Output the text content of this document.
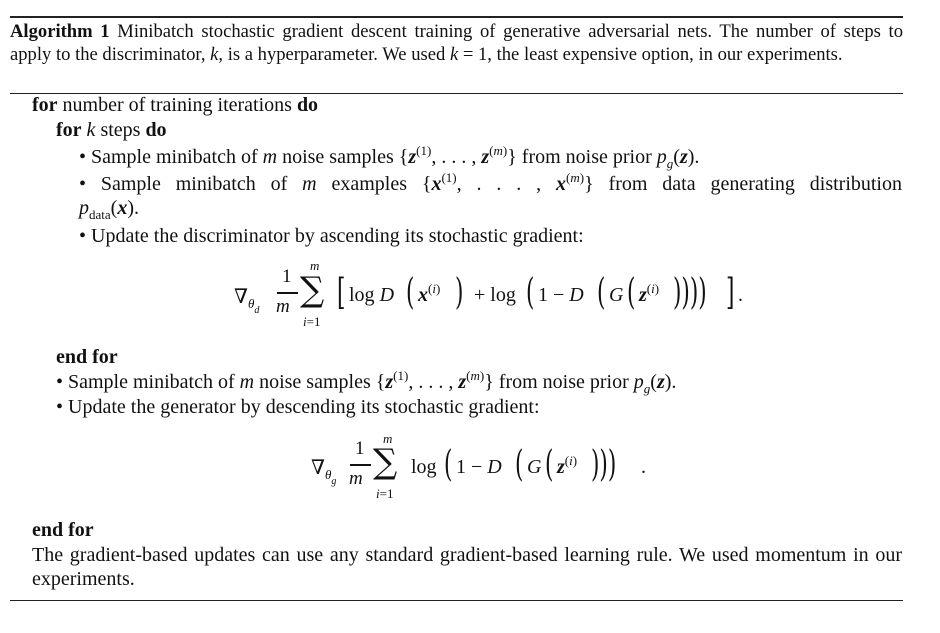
Algorithm 1 Minibatch stochastic gradient descent training of generative adversarial nets. The number of steps to apply to the discriminator, k, is a hyperparameter. We used k = 1, the least expensive option, in our experiments.
for number of training iterations do
for k steps do
• Sample minibatch of m noise samples {$z^{(1)}$, . . . , $z^{(m)}$} from noise prior $p_g(z)$.
• Sample minibatch of m examples {$x^{(1)}$, . . . , $x^{(m)}$} from data generating distribution
$p_{data}(x)$.
• Update the discriminator by ascending its stochastic gradient:
$\nabla_{\theta_d}$
1
m
m
∑
i=1
[ log D ( $x^{(i)}$ ) + log ( 1 − D ( G ( $z^{(i)}$ )))) ] .
end for
• Sample minibatch of m noise samples {$z^{(1)}$, . . . , $z^{(m)}$} from noise prior $p_g(z)$.
• Update the generator by descending its stochastic gradient:
$\nabla_{\theta_g}$
1
m
m
∑
i=1
log ( 1 − D ( G ( $z^{(i)}$ ))) .
end for
The gradient-based updates can use any standard gradient-based learning rule. We used momentum in our experiments.
